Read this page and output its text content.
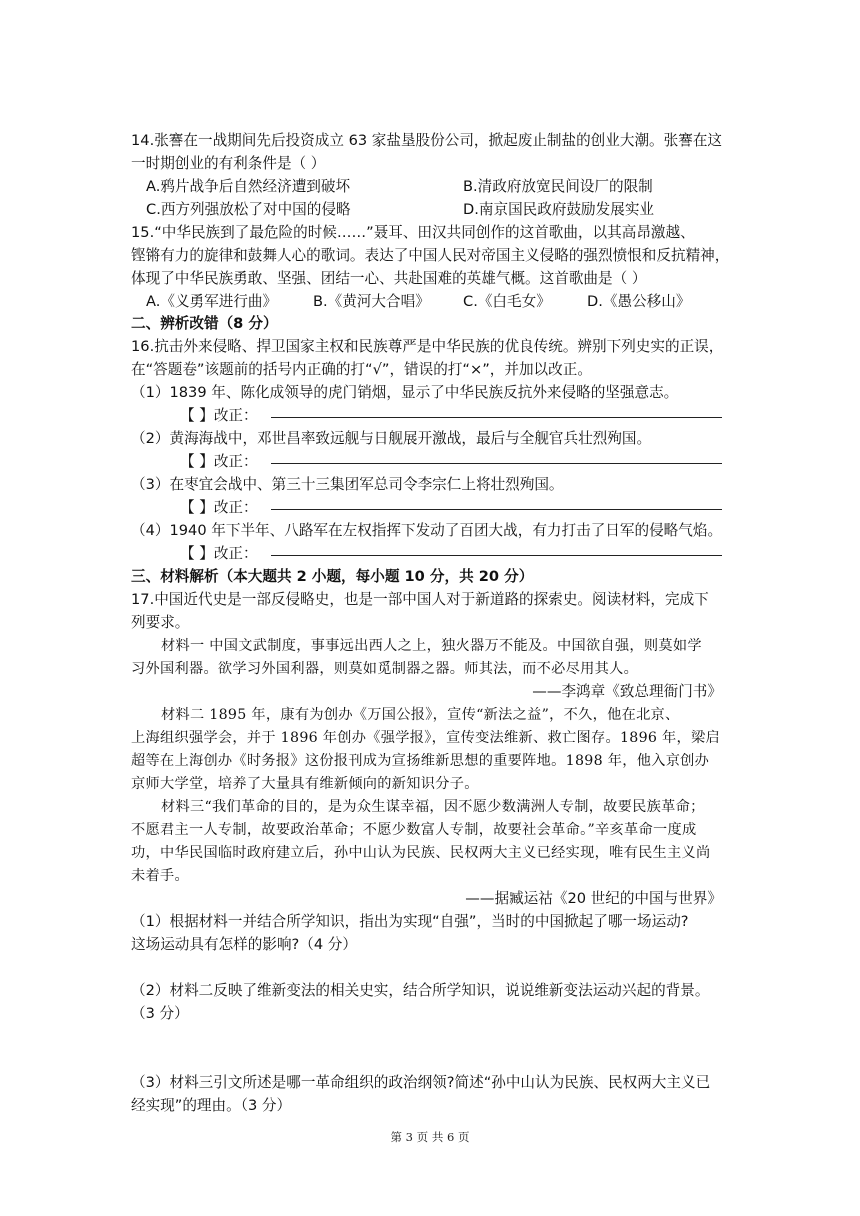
14.张謇在一战期间先后投资成立 63 家盐垦股份公司，掀起废止制盐的创业大潮。张謇在这
一时期创业的有利条件是（ ）
A.鸦片战争后自然经济遭到破坏	B.清政府放宽民间设厂的限制
C.西方列强放松了对中国的侵略	D.南京国民政府鼓励发展实业
15.“中华民族到了最危险的时候……”聂耳、田汉共同创作的这首歌曲，以其高昂激越、
铿锵有力的旋律和鼓舞人心的歌词。表达了中国人民对帝国主义侵略的强烈愤恨和反抗精神，
体现了中华民族勇敢、坚强、团结一心、共赴国难的英雄气概。这首歌曲是（ ）
A.《义勇军进行曲》 B.《黄河大合唱》 C.《白毛女》 D.《愚公移山》
二、辨析改错（8 分）
16.抗击外来侵略、捍卫国家主权和民族尊严是中华民族的优良传统。辨别下列史实的正误，
在“答题卷”该题前的括号内正确的打“√”，错误的打“×”，并加以改正。
（1）1839 年、陈化成领导的虎门销烟，显示了中华民族反抗外来侵略的坚强意志。
【 】改正：
（2）黄海海战中，邓世昌率致远舰与日舰展开激战，最后与全舰官兵壮烈殉国。
【 】改正：
（3）在枣宜会战中、第三十三集团军总司令李宗仁上将壮烈殉国。
【 】改正：
（4）1940 年下半年、八路军在左权指挥下发动了百团大战，有力打击了日军的侵略气焰。
【 】改正：
三、材料解析（本大题共 2 小题，每小题 10 分，共 20 分）
17.中国近代史是一部反侵略史，也是一部中国人对于新道路的探索史。阅读材料，完成下
列要求。
材料一 中国文武制度，事事远出西人之上，独火器万不能及。中国欲自强，则莫如学
习外国利器。欲学习外国利器，则莫如觅制器之器。师其法，而不必尽用其人。
——李鸿章《致总理衙门书》
材料二 1895 年，康有为创办《万国公报》，宣传“新法之益”，不久，他在北京、
上海组织强学会，并于 1896 年创办《强学报》，宣传变法维新、救亡图存。1896 年，梁启
超等在上海创办《时务报》这份报刊成为宣扬维新思想的重要阵地。1898 年，他入京创办
京师大学堂，培养了大量具有维新倾向的新知识分子。
材料三“我们革命的目的，是为众生谋幸福，因不愿少数满洲人专制，故要民族革命；
不愿君主一人专制，故要政治革命；不愿少数富人专制，故要社会革命。”辛亥革命一度成
功，中华民国临时政府建立后，孙中山认为民族、民权两大主义已经实现，唯有民生主义尚
未着手。
——据臧运祜《20 世纪的中国与世界》
（1）根据材料一并结合所学知识，指出为实现“自强”，当时的中国掀起了哪一场运动?
这场运动具有怎样的影响?（4 分）
（2）材料二反映了维新变法的相关史实，结合所学知识，说说维新变法运动兴起的背景。
（3 分）
（3）材料三引文所述是哪一革命组织的政治纲领?简述“孙中山认为民族、民权两大主义已
经实现”的理由。（3 分）
第 3 页 共 6 页
